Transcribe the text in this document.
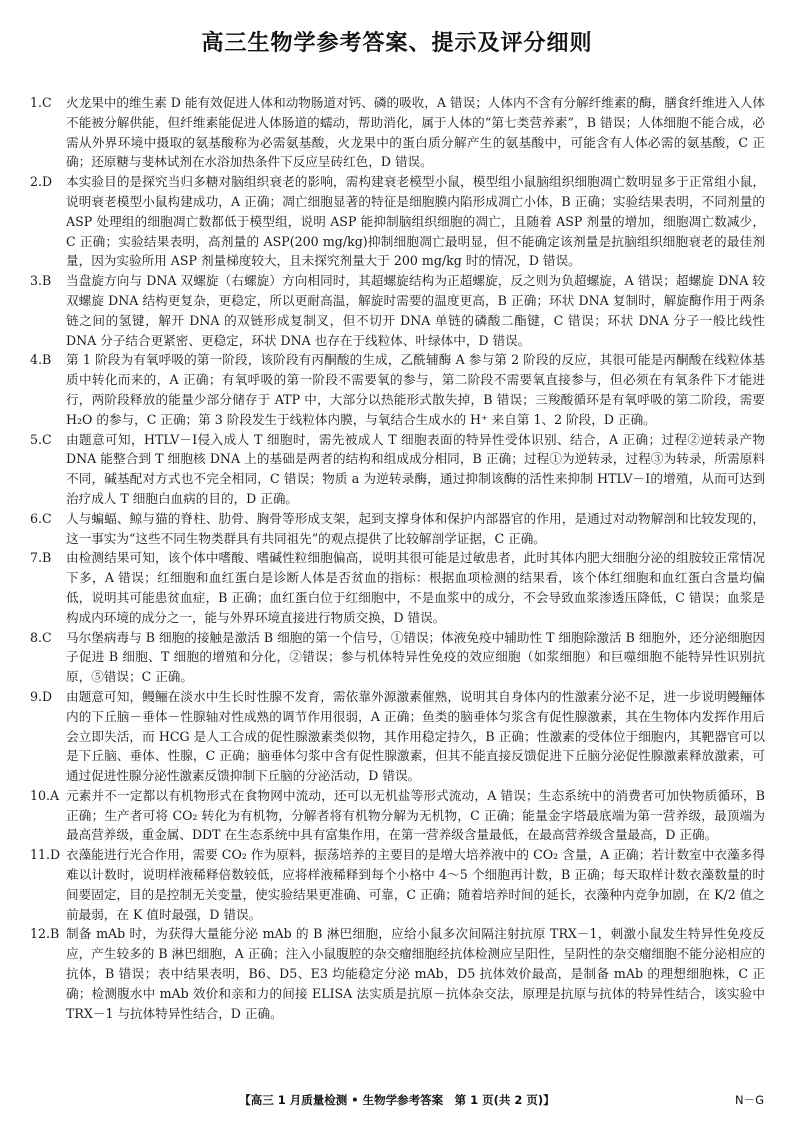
高三生物学参考答案、提示及评分细则
1.C 火龙果中的维生素 D 能有效促进人体和动物肠道对钙、磷的吸收，A 错误；人体内不含有分解纤维素的酶，膳食纤维进入人体不能被分解供能，但纤维素能促进人体肠道的蠕动，帮助消化，属于人体的“第七类营养素”，B 错误；人体细胞不能合成，必需从外界环境中摄取的氨基酸称为必需氨基酸，火龙果中的蛋白质分解产生的氨基酸中，可能含有人体必需的氨基酸，C 正确；还原糖与斐林试剂在水浴加热条件下反应呈砖红色，D 错误。
2.D 本实验目的是探究当归多糖对脑组织衰老的影响，需构建衰老模型小鼠，模型组小鼠脑组织细胞凋亡数明显多于正常组小鼠，说明衰老模型小鼠构建成功，A 正确；凋亡细胞显著的特征是细胞膜内陷形成凋亡小体，B 正确；实验结果表明，不同剂量的 ASP 处理组的细胞凋亡数都低于模型组，说明 ASP 能抑制脑组织细胞的凋亡，且随着 ASP 剂量的增加，细胞凋亡数减少，C 正确；实验结果表明，高剂量的 ASP(200 mg/kg)抑制细胞凋亡最明显，但不能确定该剂量是抗脑组织细胞衰老的最佳剂量，因为实验所用 ASP 剂量梯度较大，且未探究剂量大于 200 mg/kg 时的情况，D 错误。
3.B 当盘旋方向与 DNA 双螺旋（右螺旋）方向相同时，其超螺旋结构为正超螺旋，反之则为负超螺旋，A 错误；超螺旋 DNA 较双螺旋 DNA 结构更复杂，更稳定，所以更耐高温，解旋时需要的温度更高，B 正确；环状 DNA 复制时，解旋酶作用于两条链之间的氢键，解开 DNA 的双链形成复制叉，但不切开 DNA 单链的磷酸二酯键，C 错误；环状 DNA 分子一般比线性 DNA 分子结合更紧密、更稳定，环状 DNA 也存在于线粒体、叶绿体中，D 错误。
4.B 第 1 阶段为有氧呼吸的第一阶段，该阶段有丙酮酸的生成，乙酰辅酶 A 参与第 2 阶段的反应，其很可能是丙酮酸在线粒体基质中转化而来的，A 正确；有氧呼吸的第一阶段不需要氧的参与，第二阶段不需要氧直接参与，但必须在有氧条件下才能进行，两阶段释放的能量少部分储存于 ATP 中，大部分以热能形式散失掉，B 错误；三羧酸循环是有氧呼吸的第二阶段，需要 H₂O 的参与，C 正确；第 3 阶段发生于线粒体内膜，与氧结合生成水的 H⁺ 来自第 1、2 阶段，D 正确。
5.C 由题意可知，HTLV－Ⅰ侵入成人 T 细胞时，需先被成人 T 细胞表面的特异性受体识别、结合，A 正确；过程②逆转录产物 DNA 能整合到 T 细胞核 DNA 上的基础是两者的结构和组成成分相同，B 正确；过程①为逆转录，过程③为转录，所需原料不同，碱基配对方式也不完全相同，C 错误；物质 a 为逆转录酶，通过抑制该酶的活性来抑制 HTLV－Ⅰ的增殖，从而可达到治疗成人 T 细胞白血病的目的，D 正确。
6.C 人与蝙蝠、鲸与猫的脊柱、肋骨、胸骨等形成支架，起到支撑身体和保护内部器官的作用，是通过对动物解剖和比较发现的，这一事实为“这些不同生物类群具有共同祖先”的观点提供了比较解剖学证据，C 正确。
7.B 由检测结果可知，该个体中嗜酸、嗜碱性粒细胞偏高，说明其很可能是过敏患者，此时其体内肥大细胞分泌的组胺较正常情况下多，A 错误；红细胞和血红蛋白是诊断人体是否贫血的指标：根据血项检测的结果看，该个体红细胞和血红蛋白含量均偏低，说明其可能患贫血症，B 正确；血红蛋白位于红细胞中，不是血浆中的成分，不会导致血浆渗透压降低，C 错误；血浆是构成内环境的成分之一，能与外界环境直接进行物质交换，D 错误。
8.C 马尔堡病毒与 B 细胞的接触是激活 B 细胞的第一个信号，①错误；体液免疫中辅助性 T 细胞除激活 B 细胞外，还分泌细胞因子促进 B 细胞、T 细胞的增殖和分化，②错误；参与机体特异性免疫的效应细胞（如浆细胞）和巨噬细胞不能特异性识别抗原，⑤错误；C 正确。
9.D 由题意可知，鳗鲡在淡水中生长时性腺不发育，需依靠外源激素催熟，说明其自身体内的性激素分泌不足，进一步说明鳗鲡体内的下丘脑－垂体－性腺轴对性成熟的调节作用很弱，A 正确；鱼类的脑垂体匀浆含有促性腺激素，其在生物体内发挥作用后会立即失活，而 HCG 是人工合成的促性腺激素类似物，其作用稳定持久，B 正确；性激素的受体位于细胞内，其靶器官可以是下丘脑、垂体、性腺，C 正确；脑垂体匀浆中含有促性腺激素，但其不能直接反馈促进下丘脑分泌促性腺激素释放激素，可通过促进性腺分泌性激素反馈抑制下丘脑的分泌活动，D 错误。
10.A 元素并不一定都以有机物形式在食物网中流动，还可以无机盐等形式流动，A 错误；生态系统中的消费者可加快物质循环，B 正确；生产者可将 CO₂ 转化为有机物，分解者将有机物分解为无机物，C 正确；能量金字塔最底端为第一营养级，最顶端为最高营养级，重金属、DDT 在生态系统中具有富集作用，在第一营养级含量最低，在最高营养级含量最高，D 正确。
11.D 衣藻能进行光合作用，需要 CO₂ 作为原料，振荡培养的主要目的是增大培养液中的 CO₂ 含量，A 正确；若计数室中衣藻多得难以计数时，说明样液稀释倍数较低，应将样液稀释到每个小格中 4～5 个细胞再计数，B 正确；每天取样计数衣藻数量的时间要固定，目的是控制无关变量，使实验结果更准确、可靠，C 正确；随着培养时间的延长，衣藻种内竞争加剧，在 K/2 值之前最弱，在 K 值时最强，D 错误。
12.B 制备 mAb 时，为获得大量能分泌 mAb 的 B 淋巴细胞，应给小鼠多次间隔注射抗原 TRX－1，刺激小鼠发生特异性免疫反应，产生较多的 B 淋巴细胞，A 正确；注入小鼠腹腔的杂交瘤细胞经抗体检测应呈阳性，呈阴性的杂交瘤细胞不能分泌相应的抗体，B 错误；表中结果表明，B6、D5、E3 均能稳定分泌 mAb，D5 抗体效价最高，是制备 mAb 的理想细胞株，C 正确；检测腹水中 mAb 效价和亲和力的间接 ELISA 法实质是抗原－抗体杂交法，原理是抗原与抗体的特异性结合，该实验中 TRX－1 与抗体特异性结合，D 正确。
【高三 1 月质量检测 • 生物学参考答案　第 1 页(共 2 页)】	N－G
